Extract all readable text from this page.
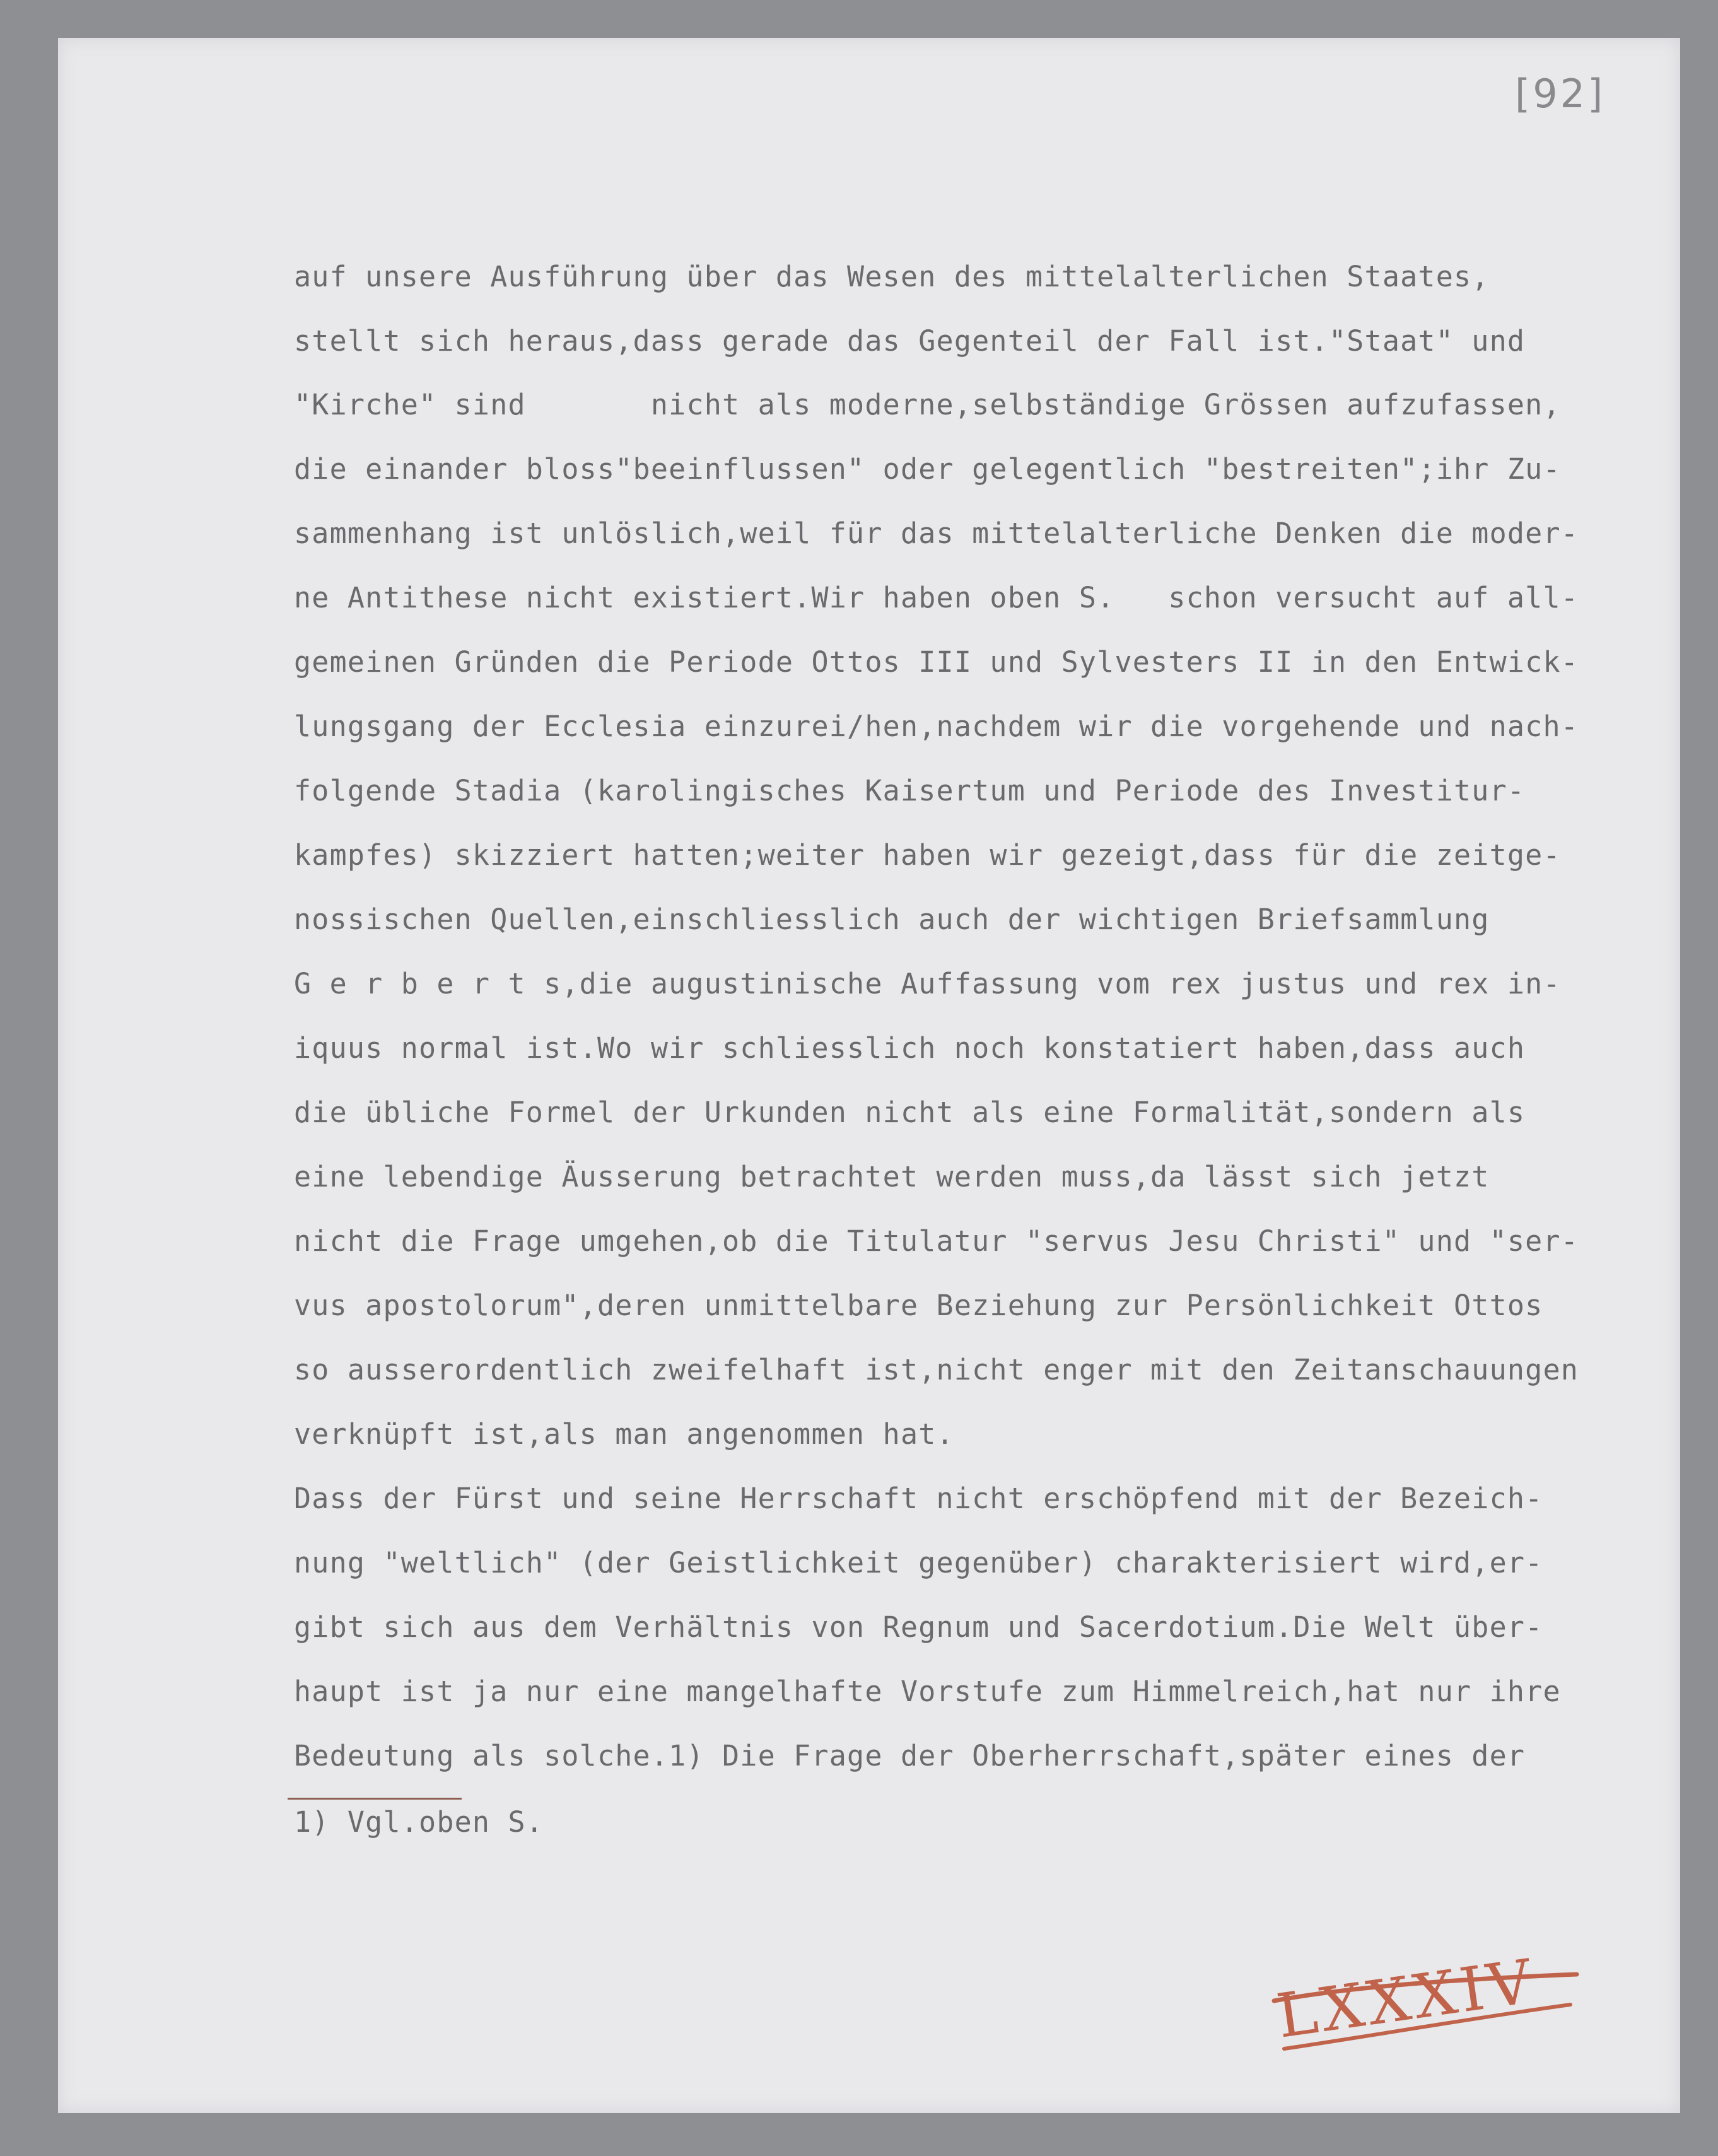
[92]
auf unsere Ausführung über das Wesen des mittelalterlichen Staates,
stellt sich heraus,dass gerade das Gegenteil der Fall ist."Staat" und
"Kirche" sind       nicht als moderne,selbständige Grössen aufzufassen,
die einander bloss"beeinflussen" oder gelegentlich "bestreiten";ihr Zu-
sammenhang ist unlöslich,weil für das mittelalterliche Denken die moder-
ne Antithese nicht existiert.Wir haben oben S.   schon versucht auf all-
gemeinen Gründen die Periode Ottos III und Sylvesters II in den Entwick-
lungsgang der Ecclesia einzurei/hen,nachdem wir die vorgehende und nach-
folgende Stadia (karolingisches Kaisertum und Periode des Investitur-
kampfes) skizziert hatten;weiter haben wir gezeigt,dass für die zeitge-
nossischen Quellen,einschliesslich auch der wichtigen Briefsammlung
G e r b e r t s,die augustinische Auffassung vom rex justus und rex in-
iquus normal ist.Wo wir schliesslich noch konstatiert haben,dass auch
die übliche Formel der Urkunden nicht als eine Formalität,sondern als
eine lebendige Äusserung betrachtet werden muss,da lässt sich jetzt
nicht die Frage umgehen,ob die Titulatur "servus Jesu Christi" und "ser-
vus apostolorum",deren unmittelbare Beziehung zur Persönlichkeit Ottos
so ausserordentlich zweifelhaft ist,nicht enger mit den Zeitanschauungen
verknüpft ist,als man angenommen hat.
Dass der Fürst und seine Herrschaft nicht erschöpfend mit der Bezeich-
nung "weltlich" (der Geistlichkeit gegenüber) charakterisiert wird,er-
gibt sich aus dem Verhältnis von Regnum und Sacerdotium.Die Welt über-
haupt ist ja nur eine mangelhafte Vorstufe zum Himmelreich,hat nur ihre
Bedeutung als solche.1) Die Frage der Oberherrschaft,später eines der
1) Vgl.oben S.
LXXXIV
